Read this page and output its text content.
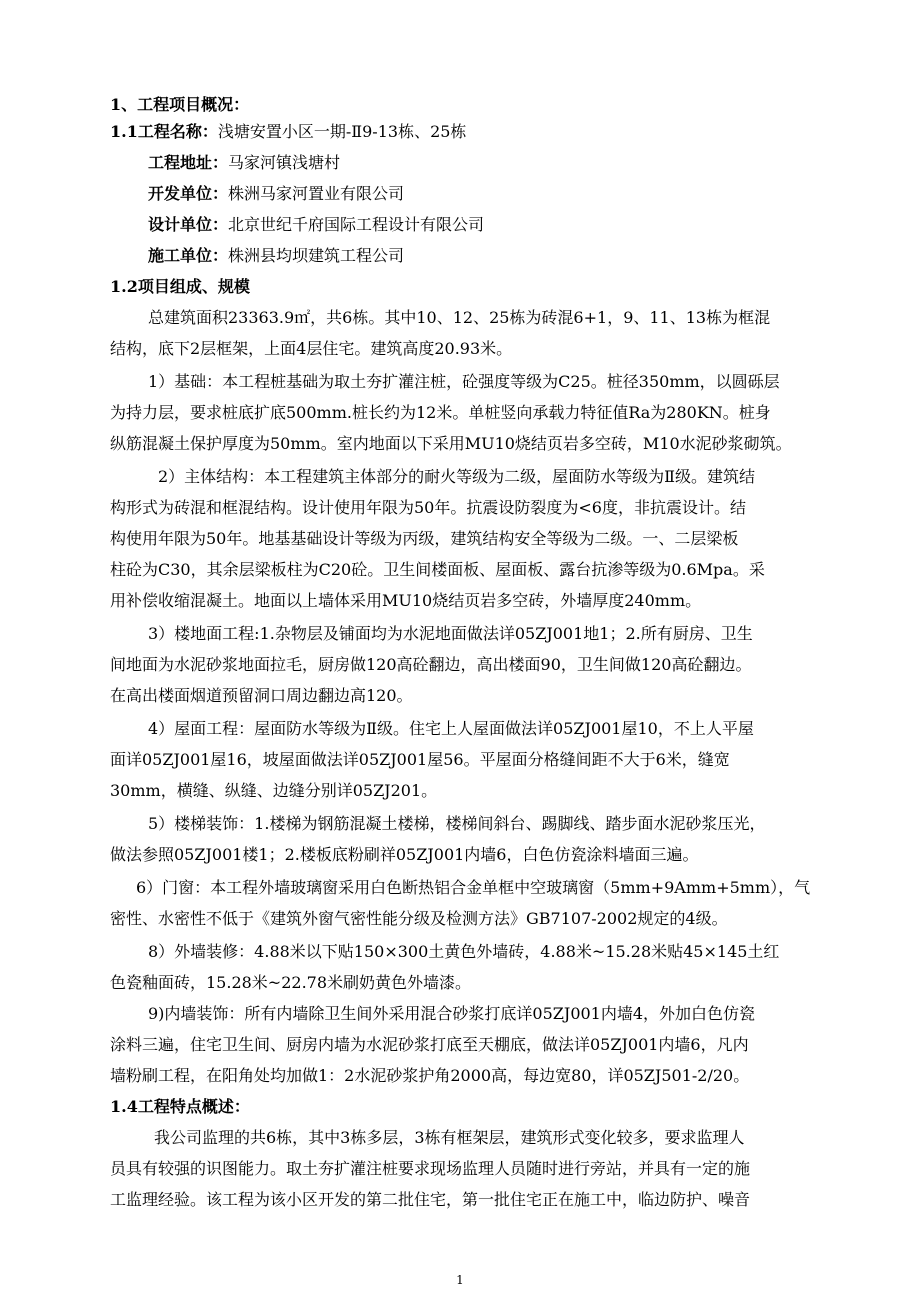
1、工程项目概况：
1.1工程名称：浅塘安置小区一期-Ⅱ9-13栋、25栋
工程地址：马家河镇浅塘村
开发单位：株洲马家河置业有限公司
设计单位：北京世纪千府国际工程设计有限公司
施工单位：株洲县均坝建筑工程公司
1.2项目组成、规模
总建筑面积23363.9㎡，共6栋。其中10、12、25栋为砖混6+1，9、11、13栋为框混
结构，底下2层框架，上面4层住宅。建筑高度20.93米。
1）基础：本工程桩基础为取土夯扩灌注桩，砼强度等级为C25。桩径350mm，以圆砾层
为持力层，要求桩底扩底500mm.桩长约为12米。单桩竖向承载力特征值Ra为280KN。桩身
纵筋混凝土保护厚度为50mm。室内地面以下采用MU10烧结页岩多空砖，M10水泥砂浆砌筑。
2）主体结构：本工程建筑主体部分的耐火等级为二级，屋面防水等级为Ⅱ级。建筑结
构形式为砖混和框混结构。设计使用年限为50年。抗震设防裂度为<6度，非抗震设计。结
构使用年限为50年。地基基础设计等级为丙级，建筑结构安全等级为二级。一、二层梁板
柱砼为C30，其余层梁板柱为C20砼。卫生间楼面板、屋面板、露台抗渗等级为0.6Mpa。采
用补偿收缩混凝土。地面以上墙体采用MU10烧结页岩多空砖，外墙厚度240mm。
3）楼地面工程:1.杂物层及铺面均为水泥地面做法详05ZJ001地1；2.所有厨房、卫生
间地面为水泥砂浆地面拉毛，厨房做120高砼翻边，高出楼面90，卫生间做120高砼翻边。
在高出楼面烟道预留洞口周边翻边高120。
4）屋面工程：屋面防水等级为Ⅱ级。住宅上人屋面做法详05ZJ001屋10，不上人平屋
面详05ZJ001屋16，坡屋面做法详05ZJ001屋56。平屋面分格缝间距不大于6米，缝宽
30mm，横缝、纵缝、边缝分别详05ZJ201。
5）楼梯装饰：1.楼梯为钢筋混凝土楼梯，楼梯间斜台、踢脚线、踏步面水泥砂浆压光，
做法参照05ZJ001楼1；2.楼板底粉刷祥05ZJ001内墙6，白色仿瓷涂料墙面三遍。
6）门窗：本工程外墙玻璃窗采用白色断热铝合金单框中空玻璃窗（5mm+9Amm+5mm），气
密性、水密性不低于《建筑外窗气密性能分级及检测方法》GB7107-2002规定的4级。
8）外墙装修：4.88米以下贴150×300土黄色外墙砖，4.88米~15.28米贴45×145土红
色瓷釉面砖，15.28米~22.78米刷奶黄色外墙漆。
9)内墙装饰：所有内墙除卫生间外采用混合砂浆打底详05ZJ001内墙4，外加白色仿瓷
涂料三遍，住宅卫生间、厨房内墙为水泥砂浆打底至天棚底，做法详05ZJ001内墙6，凡内
墙粉刷工程，在阳角处均加做1：2水泥砂浆护角2000高，每边宽80，详05ZJ501-2/20。
1.4工程特点概述：
我公司监理的共6栋，其中3栋多层，3栋有框架层，建筑形式变化较多，要求监理人
员具有较强的识图能力。取土夯扩灌注桩要求现场监理人员随时进行旁站，并具有一定的施
工监理经验。该工程为该小区开发的第二批住宅，第一批住宅正在施工中，临边防护、噪音
1
